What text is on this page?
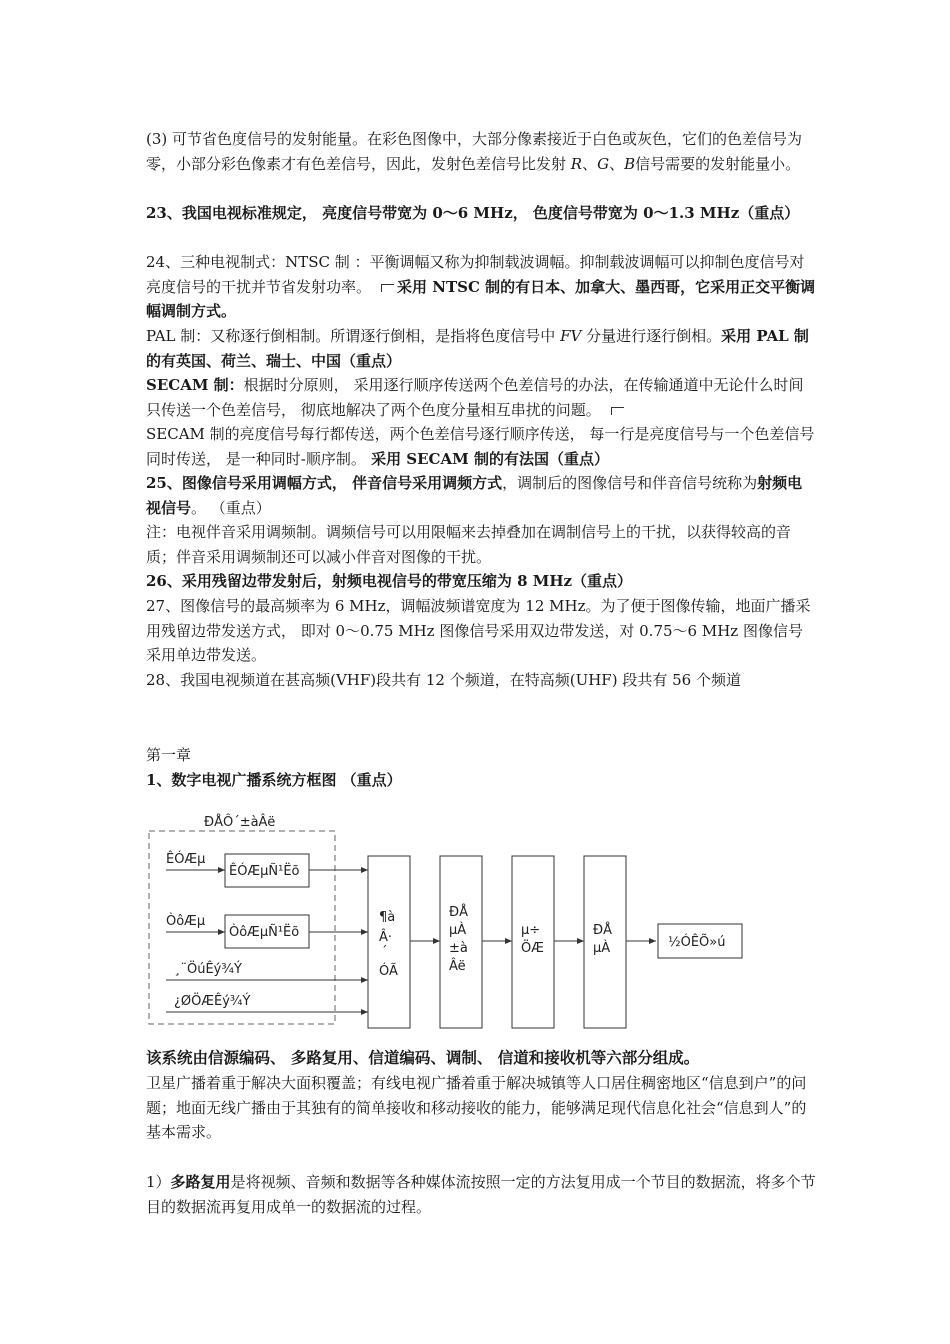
(3) 可节省色度信号的发射能量。在彩色图像中，大部分像素接近于白色或灰色，它们的色差信号为零，小部分彩色像素才有色差信号，因此，发射色差信号比发射 R、G、B信号需要的发射能量小。

23、我国电视标准规定， 亮度信号带宽为 0～6 MHz， 色度信号带宽为 0～1.3 MHz（重点）

24、三种电视制式：NTSC 制 ：平衡调幅又称为抑制载波调幅。抑制载波调幅可以抑制色度信号对亮度信号的干扰并节省发射功率。 采用 NTSC 制的有日本、加拿大、墨西哥，它采用正交平衡调幅调制方式。

PAL 制：又称逐行倒相制。所谓逐行倒相，是指将色度信号中 FV 分量进行逐行倒相。采用 PAL 制的有英国、荷兰、瑞士、中国（重点）

SECAM 制：根据时分原则， 采用逐行顺序传送两个色差信号的办法，在传输通道中无论什么时间只传送一个色差信号， 彻底地解决了两个色度分量相互串扰的问题。
SECAM 制的亮度信号每行都传送，两个色差信号逐行顺序传送， 每一行是亮度信号与一个色差信号同时传送， 是一种同时-顺序制。 采用 SECAM 制的有法国（重点）

25、图像信号采用调幅方式， 伴音信号采用调频方式，调制后的图像信号和伴音信号统称为射频电视信号。 （重点）

注：电视伴音采用调频制。调频信号可以用限幅来去掉叠加在调制信号上的干扰，以获得较高的音质；伴音采用调频制还可以减小伴音对图像的干扰。

26、采用残留边带发射后，射频电视信号的带宽压缩为 8 MHz（重点）

27、图像信号的最高频率为 6 MHz，调幅波频谱宽度为 12 MHz。为了便于图像传输，地面广播采用残留边带发送方式， 即对 0～0.75 MHz 图像信号采用双边带发送，对 0.75～6 MHz 图像信号采用单边带发送。

28、我国电视频道在甚高频(VHF)段共有 12 个频道，在特高频(UHF) 段共有 56 个频道

第一章

1、数字电视广播系统方框图 （重点）

ÐÅÔ´±àÂë
ÊÓÆµ
ÊÓÆµÑ¹Ëõ
ÒôÆµ
ÒôÆµÑ¹Ëõ
¸¨ÖúÊý¾Ý
¿ØÖÆÊý¾Ý
¶à
Â·
´
ÓÃ
ÐÅ
µÀ
±à
Âë
µ÷
ÖÆ
ÐÅ
µÀ	½ÓÊÕ»ú

该系统由信源编码、 多路复用、信道编码、调制、 信道和接收机等六部分组成。

卫星广播着重于解决大面积覆盖；有线电视广播着重于解决城镇等人口居住稠密地区“信息到户”的问题；地面无线广播由于其独有的简单接收和移动接收的能力，能够满足现代信息化社会“信息到人”的基本需求。

1）多路复用是将视频、音频和数据等各种媒体流按照一定的方法复用成一个节目的数据流，将多个节目的数据流再复用成单一的数据流的过程。
